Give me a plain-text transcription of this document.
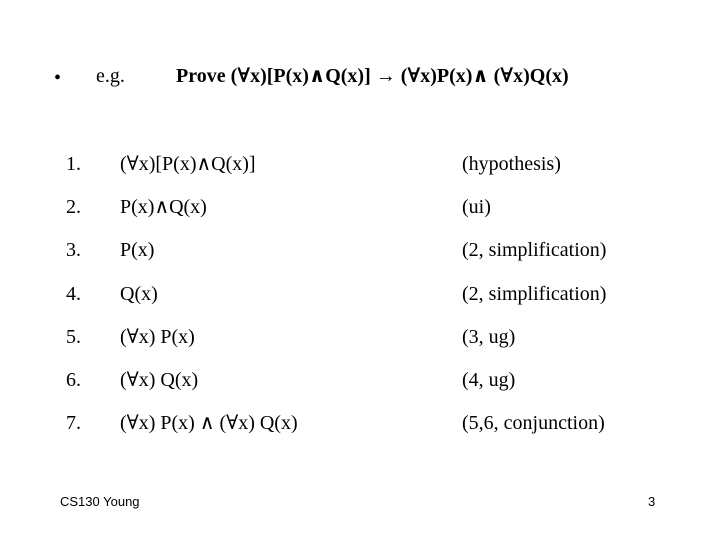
• e.g.	Prove (∀x)[P(x)∧Q(x)] → (∀x)P(x)∧ (∀x)Q(x)
1. (∀x)[P(x)∧Q(x)]	(hypothesis)
2. P(x)∧Q(x)	(ui)
3. P(x)	(2, simplification)
4. Q(x)	(2, simplification)
5. (∀x) P(x)	(3, ug)
6. (∀x) Q(x)	(4, ug)
7. (∀x) P(x) ∧ (∀x) Q(x)	(5,6, conjunction)
CS130 Young	3
